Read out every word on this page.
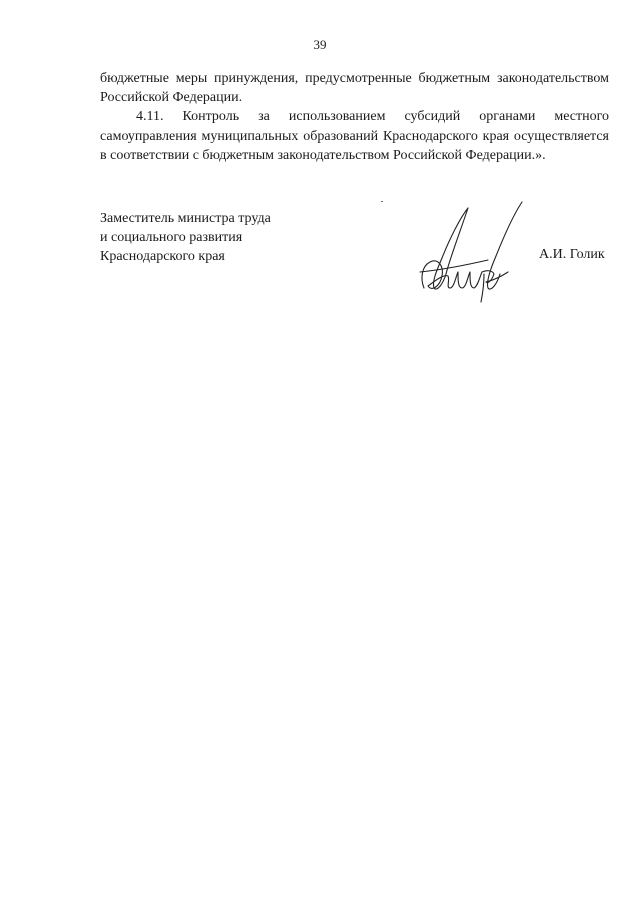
39

бюджетные меры принуждения, предусмотренные бюджетным законодательством Российской Федерации.

4.11. Контроль за использованием субсидий органами местного самоуправления муниципальных образований Краснодарского края осуществляется в соответствии с бюджетным законодательством Российской Федерации.».

Заместитель министра труда
и социального развития
Краснодарского края	А.И. Голик
